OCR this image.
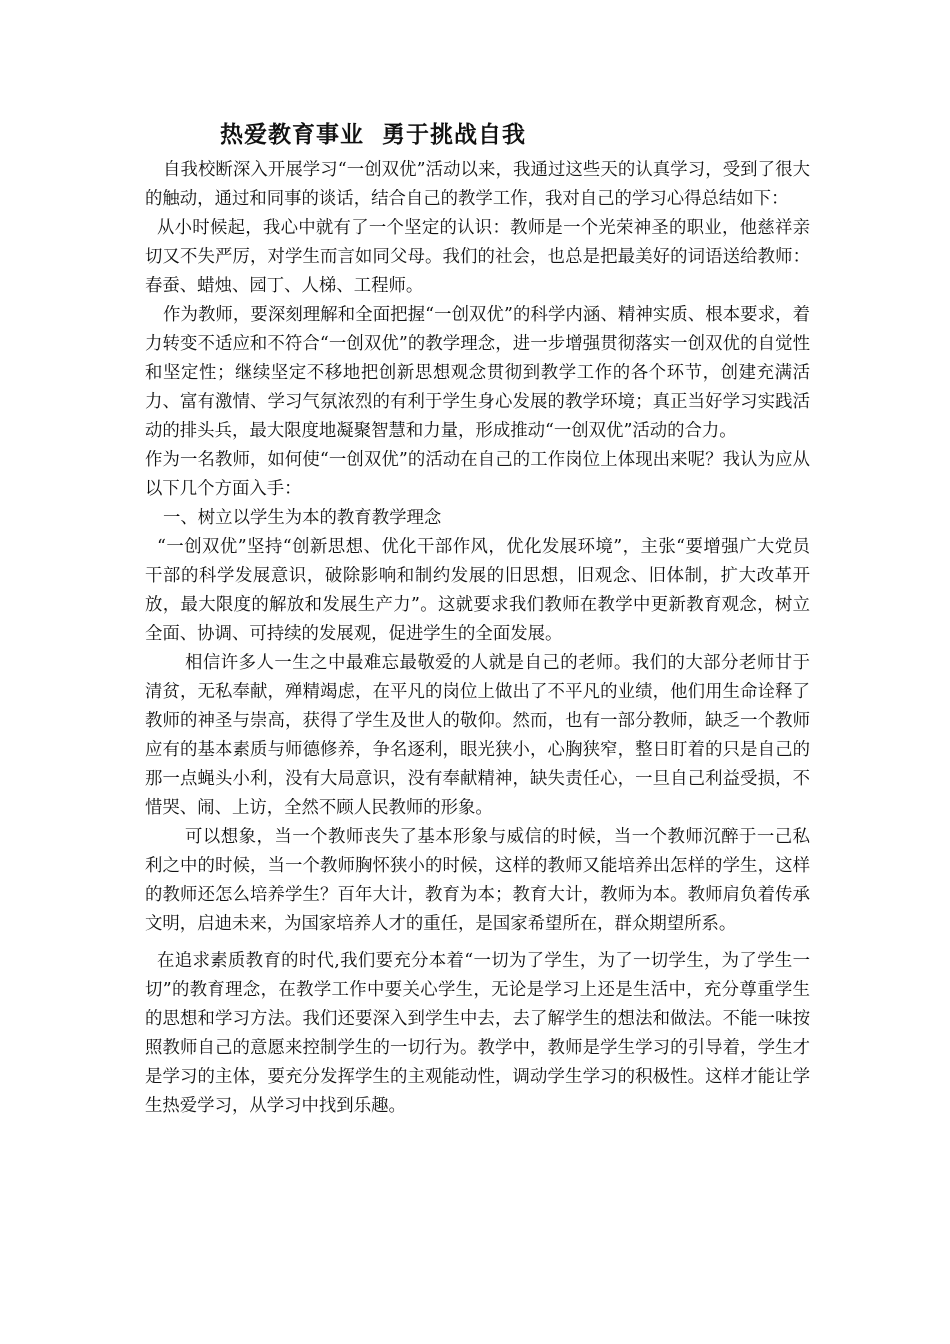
热爱教育事业  勇于挑战自我

自我校断深入开展学习“一创双优”活动以来，我通过这些天的认真学习，受到了很大的触动，通过和同事的谈话，结合自己的教学工作，我对自己的学习心得总结如下：

从小时候起，我心中就有了一个坚定的认识：教师是一个光荣神圣的职业，他慈祥亲切又不失严厉，对学生而言如同父母。我们的社会，也总是把最美好的词语送给教师：春蚕、蜡烛、园丁、人梯、工程师。

作为教师，要深刻理解和全面把握“一创双优”的科学内涵、精神实质、根本要求，着力转变不适应和不符合“一创双优”的教学理念，进一步增强贯彻落实一创双优的自觉性和坚定性；继续坚定不移地把创新思想观念贯彻到教学工作的各个环节，创建充满活力、富有激情、学习气氛浓烈的有利于学生身心发展的教学环境；真正当好学习实践活动的排头兵，最大限度地凝聚智慧和力量，形成推动“一创双优”活动的合力。

作为一名教师，如何使“一创双优”的活动在自己的工作岗位上体现出来呢？我认为应从以下几个方面入手：

一、树立以学生为本的教育教学理念

“一创双优”坚持“创新思想、优化干部作风，优化发展环境”，主张“要增强广大党员干部的科学发展意识，破除影响和制约发展的旧思想，旧观念、旧体制，扩大改革开放，最大限度的解放和发展生产力”。这就要求我们教师在教学中更新教育观念，树立全面、协调、可持续的发展观，促进学生的全面发展。

相信许多人一生之中最难忘最敬爱的人就是自己的老师。我们的大部分老师甘于清贫，无私奉献，殚精竭虑，在平凡的岗位上做出了不平凡的业绩，他们用生命诠释了教师的神圣与崇高，获得了学生及世人的敬仰。然而，也有一部分教师，缺乏一个教师应有的基本素质与师德修养，争名逐利，眼光狭小，心胸狭窄，整日盯着的只是自己的那一点蝇头小利，没有大局意识，没有奉献精神，缺失责任心，一旦自己利益受损，不惜哭、闹、上访，全然不顾人民教师的形象。

可以想象，当一个教师丧失了基本形象与威信的时候，当一个教师沉醉于一己私利之中的时候，当一个教师胸怀狭小的时候，这样的教师又能培养出怎样的学生，这样的教师还怎么培养学生？百年大计，教育为本；教育大计，教师为本。教师肩负着传承文明，启迪未来，为国家培养人才的重任，是国家希望所在，群众期望所系。

在追求素质教育的时代,我们要充分本着“一切为了学生，为了一切学生，为了学生一切”的教育理念，在教学工作中要关心学生，无论是学习上还是生活中，充分尊重学生的思想和学习方法。我们还要深入到学生中去，去了解学生的想法和做法。不能一味按照教师自己的意愿来控制学生的一切行为。教学中，教师是学生学习的引导着，学生才是学习的主体，要充分发挥学生的主观能动性，调动学生学习的积极性。这样才能让学生热爱学习，从学习中找到乐趣。
